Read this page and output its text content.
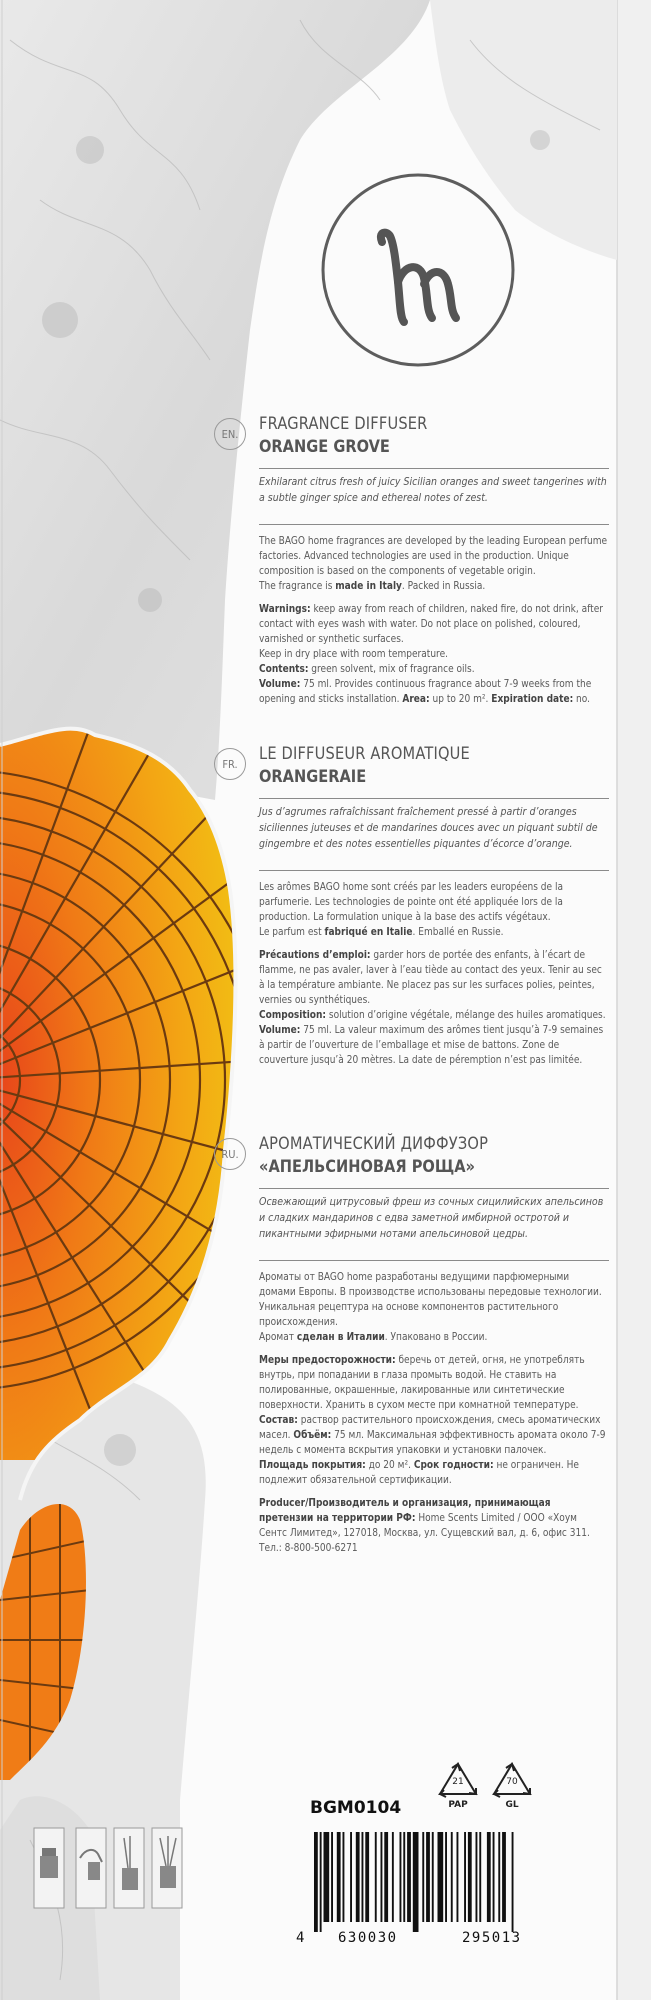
EN.	FRAGRANCE DIFFUSER
ORANGE GROVE
Exhilarant citrus fresh of juicy Sicilian oranges and sweet tangerines with a subtle ginger spice and ethereal notes of zest.

The BAGO home fragrances are developed by the leading European perfume factories. Advanced technologies are used in the production. Unique composition is based on the components of vegetable origin.
The fragrance is made in Italy. Packed in Russia.

Warnings: keep away from reach of children, naked fire, do not drink, after contact with eyes wash with water. Do not place on polished, coloured, varnished or synthetic surfaces.
Keep in dry place with room temperature.
Contents: green solvent, mix of fragrance oils.
Volume: 75 ml. Provides continuous fragrance about 7-9 weeks from the opening and sticks installation. Area: up to 20 m². Expiration date: no.

FR.	LE DIFFUSEUR AROMATIQUE
ORANGERAIE
Jus d’agrumes rafraîchissant fraîchement pressé à partir d’oranges siciliennes juteuses et de mandarines douces avec un piquant subtil de gingembre et des notes essentielles piquantes d’écorce d’orange.

Les arômes BAGO home sont créés par les leaders européens de la parfumerie. Les technologies de pointe ont été appliquée lors de la production. La formulation unique à la base des actifs végétaux.
Le parfum est fabriqué en Italie. Emballé en Russie.

Précautions d’emploi: garder hors de portée des enfants, à l’écart de flamme, ne pas avaler, laver à l’eau tiède au contact des yeux. Tenir au sec à la température ambiante. Ne placez pas sur les surfaces polies, peintes, vernies ou synthétiques.
Composition: solution d’origine végétale, mélange des huiles aromatiques.
Volume: 75 ml. La valeur maximum des arômes tient jusqu’à 7-9 semaines à partir de l’ouverture de l’emballage et mise de battons. Zone de couverture jusqu’à 20 mètres. La date de péremption n’est pas limitée.

RU.	АРОМАТИЧЕСКИЙ ДИФФУЗОР
«АПЕЛЬСИНОВАЯ РОЩА»
Освежающий цитрусовый фреш из сочных сицилийских апельсинов и сладких мандаринов с едва заметной имбирной остротой и пикантными эфирными нотами апельсиновой цедры.

Ароматы от BAGO home разработаны ведущими парфюмерными домами Европы. В производстве использованы передовые технологии. Уникальная рецептура на основе компонентов растительного происхождения.
Аромат сделан в Италии. Упаковано в России.

Меры предосторожности: беречь от детей, огня, не употреблять внутрь, при попадании в глаза промыть водой. Не ставить на полированные, окрашенные, лакированные или синтетические поверхности. Хранить в сухом месте при комнатной температуре.
Состав: раствор растительного происхождения, смесь ароматических масел. Объём: 75 мл. Максимальная эффективность аромата около 7-9 недель с момента вскрытия упаковки и установки палочек.
Площадь покрытия: до 20 м². Срок годности: не ограничен. Не подлежит обязательной сертификации.

Producer/Производитель и организация, принимающая претензии на территории РФ: Home Scents Limited / ООО «Хоум Сентс Лимитед», 127018, Москва, ул. Сущевский вал, д. 6, офис 311.
Тел.: 8-800-500-6271

BGM0104
21
PAP
70
GL
4 630030	295013
